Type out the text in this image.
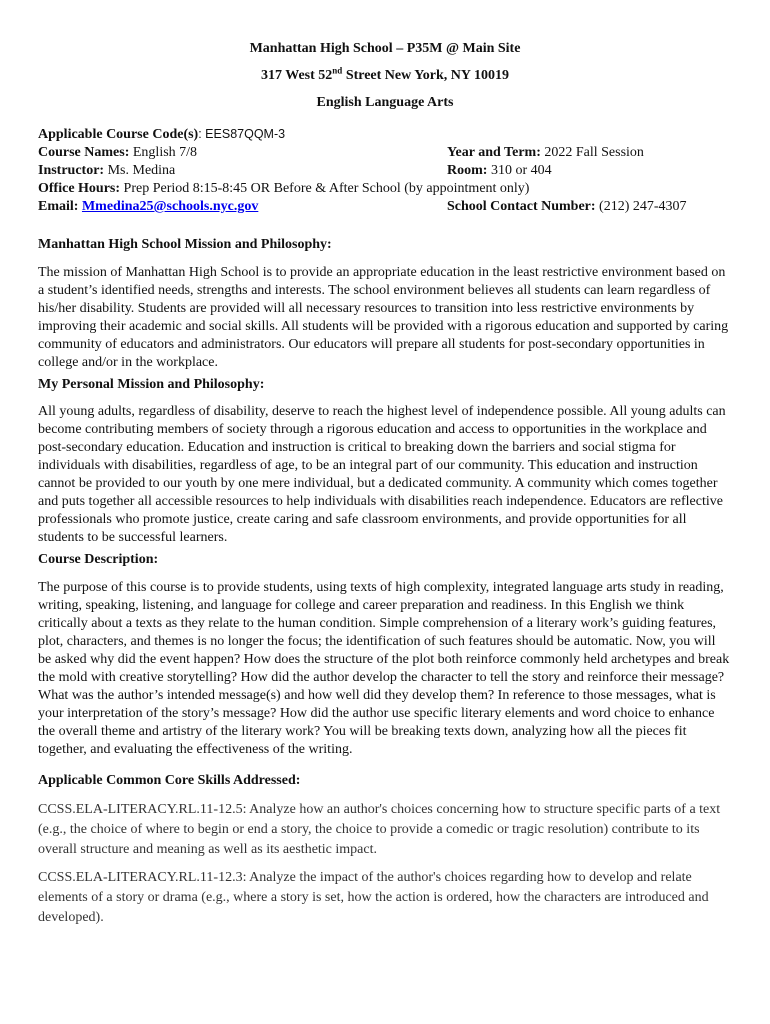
Manhattan High School – P35M @ Main Site
317 West 52nd Street New York, NY 10019
English Language Arts
Applicable Course Code(s): EES87QQM-3
Course Names: English 7/8	Year and Term: 2022 Fall Session
Instructor: Ms. Medina	Room: 310 or 404
Office Hours: Prep Period 8:15-8:45 OR Before & After School (by appointment only)
Email: Mmedina25@schools.nyc.gov	School Contact Number: (212) 247-4307
Manhattan High School Mission and Philosophy:

The mission of Manhattan High School is to provide an appropriate education in the least restrictive environment based on a student’s identified needs, strengths and interests. The school environment believes all students can learn regardless of his/her disability. Students are provided will all necessary resources to transition into less restrictive environments by improving their academic and social skills. All students will be provided with a rigorous education and supported by caring community of educators and administrators. Our educators will prepare all students for post-secondary opportunities in college and/or in the workplace.

My Personal Mission and Philosophy:

All young adults, regardless of disability, deserve to reach the highest level of independence possible. All young adults can become contributing members of society through a rigorous education and access to opportunities in the workplace and post-secondary education. Education and instruction is critical to breaking down the barriers and social stigma for individuals with disabilities, regardless of age, to be an integral part of our community. This education and instruction cannot be provided to our youth by one mere individual, but a dedicated community. A community which comes together and puts together all accessible resources to help individuals with disabilities reach independence. Educators are reflective professionals who promote justice, create caring and safe classroom environments, and provide opportunities for all students to be successful learners.

Course Description:

The purpose of this course is to provide students, using texts of high complexity, integrated language arts study in reading, writing, speaking, listening, and language for college and career preparation and readiness. In this English we think critically about a texts as they relate to the human condition. Simple comprehension of a literary work’s guiding features, plot, characters, and themes is no longer the focus; the identification of such features should be automatic. Now, you will be asked why did the event happen? How does the structure of the plot both reinforce commonly held archetypes and break the mold with creative storytelling? How did the author develop the character to tell the story and reinforce their message? What was the author’s intended message(s) and how well did they develop them? In reference to those messages, what is your interpretation of the story’s message? How did the author use specific literary elements and word choice to enhance the overall theme and artistry of the literary work? You will be breaking texts down, analyzing how all the pieces fit together, and evaluating the effectiveness of the writing.

Applicable Common Core Skills Addressed:

CCSS.ELA-LITERACY.RL.11-12.5: Analyze how an author's choices concerning how to structure specific parts of a text (e.g., the choice of where to begin or end a story, the choice to provide a comedic or tragic resolution) contribute to its overall structure and meaning as well as its aesthetic impact.

CCSS.ELA-LITERACY.RL.11-12.3: Analyze the impact of the author's choices regarding how to develop and relate elements of a story or drama (e.g., where a story is set, how the action is ordered, how the characters are introduced and developed).
